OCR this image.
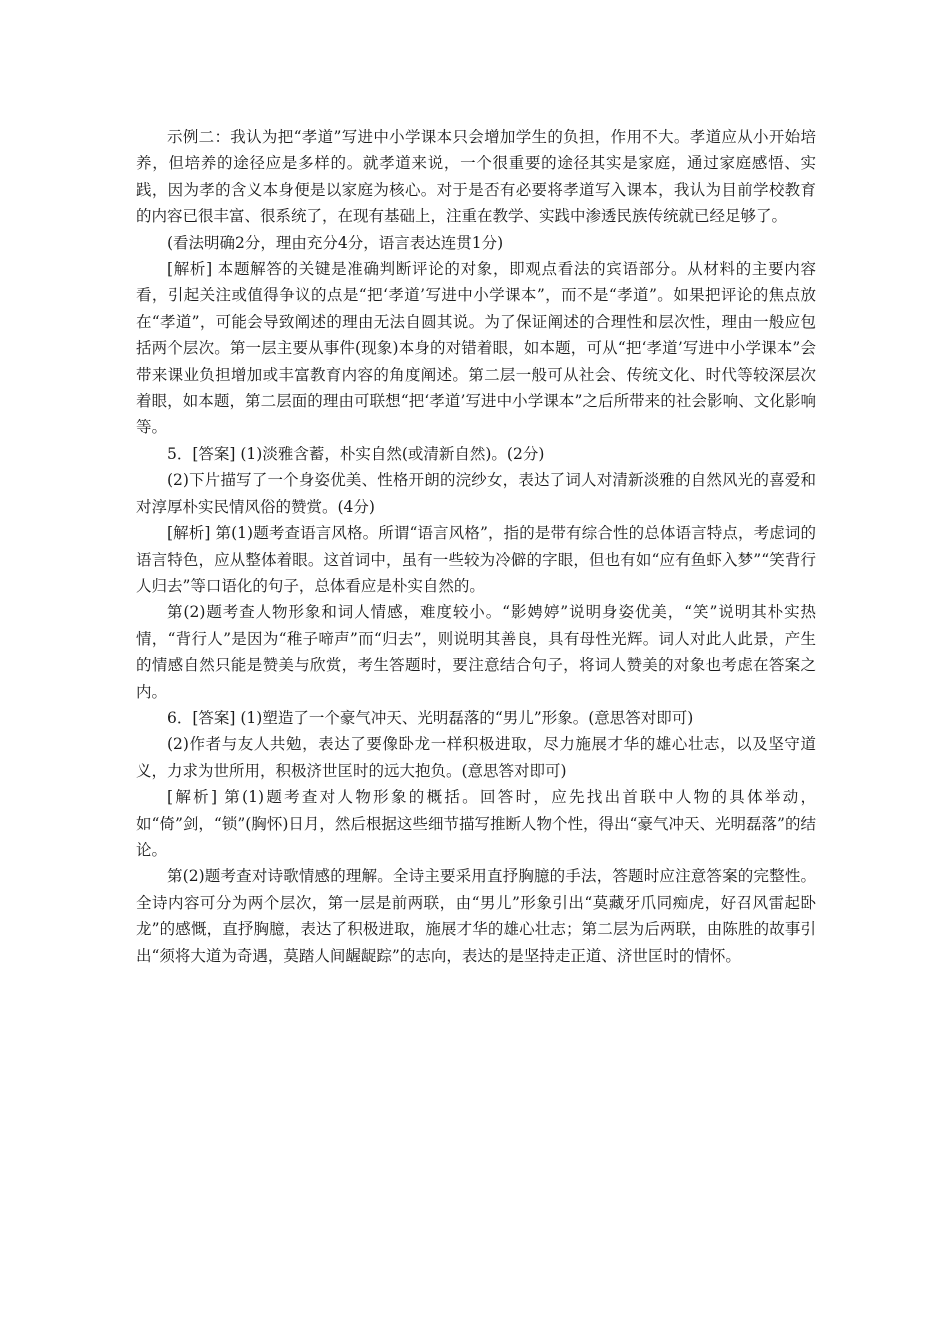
示例二：我认为把“孝道”写进中小学课本只会增加学生的负担，作用不大。孝道应从小开始培养，但培养的途径应是多样的。就孝道来说，一个很重要的途径其实是家庭，通过家庭感悟、实践，因为孝的含义本身便是以家庭为核心。对于是否有必要将孝道写入课本，我认为目前学校教育的内容已很丰富、很系统了，在现有基础上，注重在教学、实践中渗透民族传统就已经足够了。

(看法明确2分，理由充分4分，语言表达连贯1分)

[解析] 本题解答的关键是准确判断评论的对象，即观点看法的宾语部分。从材料的主要内容看，引起关注或值得争议的点是“把‘孝道’写进中小学课本”，而不是“孝道”。如果把评论的焦点放在“孝道”，可能会导致阐述的理由无法自圆其说。为了保证阐述的合理性和层次性，理由一般应包括两个层次。第一层主要从事件(现象)本身的对错着眼，如本题，可从“把‘孝道’写进中小学课本”会带来课业负担增加或丰富教育内容的角度阐述。第二层一般可从社会、传统文化、时代等较深层次着眼，如本题，第二层面的理由可联想“把‘孝道’写进中小学课本”之后所带来的社会影响、文化影响等。

5．[答案] (1)淡雅含蓄，朴实自然(或清新自然)。(2分)

(2)下片描写了一个身姿优美、性格开朗的浣纱女，表达了词人对清新淡雅的自然风光的喜爱和对淳厚朴实民情风俗的赞赏。(4分)

[解析] 第(1)题考查语言风格。所谓“语言风格”，指的是带有综合性的总体语言特点，考虑词的语言特色，应从整体着眼。这首词中，虽有一些较为冷僻的字眼，但也有如“应有鱼虾入梦”“笑背行人归去”等口语化的句子，总体看应是朴实自然的。

第(2)题考查人物形象和词人情感，难度较小。“影娉婷”说明身姿优美，“笑”说明其朴实热情，“背行人”是因为“稚子啼声”而“归去”，则说明其善良，具有母性光辉。词人对此人此景，产生的情感自然只能是赞美与欣赏，考生答题时，要注意结合句子，将词人赞美的对象也考虑在答案之内。

6．[答案] (1)塑造了一个豪气冲天、光明磊落的“男儿”形象。(意思答对即可)

(2)作者与友人共勉，表达了要像卧龙一样积极进取，尽力施展才华的雄心壮志，以及坚守道义，力求为世所用，积极济世匡时的远大抱负。(意思答对即可)

[解析] 第(1)题考查对人物形象的概括。回答时，应先找出首联中人物的具体举动，如“倚”剑，“锁”(胸怀)日月，然后根据这些细节描写推断人物个性，得出“豪气冲天、光明磊落”的结论。

第(2)题考查对诗歌情感的理解。全诗主要采用直抒胸臆的手法，答题时应注意答案的完整性。全诗内容可分为两个层次，第一层是前两联，由“男儿”形象引出“莫藏牙爪同痴虎，好召风雷起卧龙”的感慨，直抒胸臆，表达了积极进取，施展才华的雄心壮志；第二层为后两联，由陈胜的故事引出“须将大道为奇遇，莫踏人间龌龊踪”的志向，表达的是坚持走正道、济世匡时的情怀。
